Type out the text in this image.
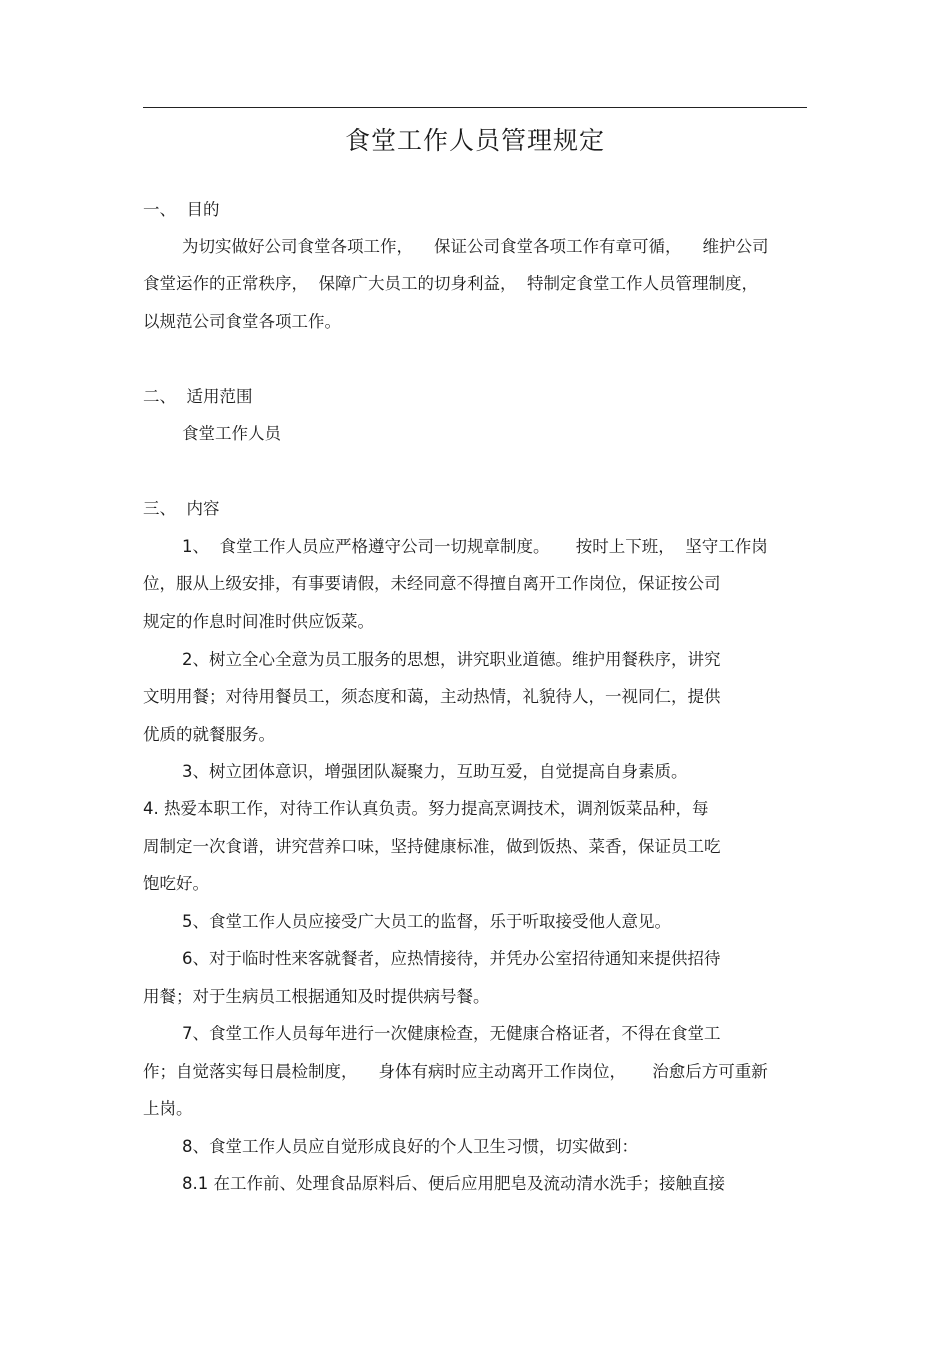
食堂工作人员管理规定
一、  目的
为切实做好公司食堂各项工作，    保证公司食堂各项工作有章可循，    维护公司
食堂运作的正常秩序，  保障广大员工的切身利益，  特制定食堂工作人员管理制度，
以规范公司食堂各项工作。
二、  适用范围
食堂工作人员
三、  内容
1、  食堂工作人员应严格遵守公司一切规章制度。     按时上下班，  坚守工作岗
位，服从上级安排，有事要请假，未经同意不得擅自离开工作岗位，保证按公司
规定的作息时间准时供应饭菜。
2、树立全心全意为员工服务的思想，讲究职业道德。维护用餐秩序，讲究
文明用餐；对待用餐员工，须态度和蔼，主动热情，礼貌待人，一视同仁，提供
优质的就餐服务。
3、树立团体意识，增强团队凝聚力，互助互爱，自觉提高自身素质。
4. 热爱本职工作，对待工作认真负责。努力提高烹调技术，调剂饭菜品种，每
周制定一次食谱，讲究营养口味，坚持健康标准，做到饭热、菜香，保证员工吃
饱吃好。
5、食堂工作人员应接受广大员工的监督，乐于听取接受他人意见。
6、对于临时性来客就餐者，应热情接待，并凭办公室招待通知来提供招待
用餐；对于生病员工根据通知及时提供病号餐。
7、食堂工作人员每年进行一次健康检查，无健康合格证者，不得在食堂工
作；自觉落实每日晨检制度，    身体有病时应主动离开工作岗位，     治愈后方可重新
上岗。
8、食堂工作人员应自觉形成良好的个人卫生习惯，切实做到：
8.1 在工作前、处理食品原料后、便后应用肥皂及流动清水洗手；接触直接
